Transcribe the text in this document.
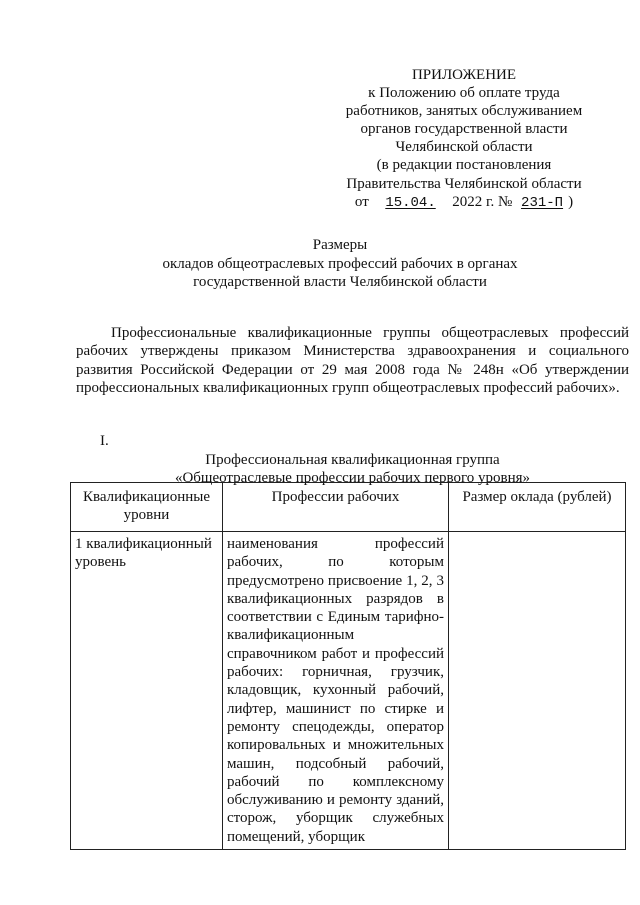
ПРИЛОЖЕНИЕ
к Положению об оплате труда
работников, занятых обслуживанием
органов государственной власти
Челябинской области
(в редакции постановления
Правительства Челябинской области
от 15.04. 2022 г. № 231-П )
Размеры
окладов общеотраслевых профессий рабочих в органах
государственной власти Челябинской области

Профессиональные квалификационные группы общеотраслевых профессий рабочих утверждены приказом Министерства здравоохранения и социального развития Российской Федерации от 29 мая 2008 года № 248н «Об утверждении профессиональных квалификационных групп общеотраслевых профессий рабочих».

I.
Профессиональная квалификационная группа
«Общеотраслевые профессии рабочих первого уровня»
Квалификационные уровни	Профессии рабочих	Размер оклада (рублей)
1 квалификационный уровень	наименования профессий рабочих, по которым предусмотрено присвоение 1, 2, 3 квалификационных разрядов в соответствии с Единым тарифно-квалификационным справочником работ и профессий рабочих: горничная, грузчик, кладовщик, кухонный рабочий, лифтер, машинист по стирке и ремонту спецодежды, оператор копировальных и множительных машин, подсобный рабочий, рабочий по комплексному обслуживанию и ремонту зданий, сторож, уборщик служебных помещений, уборщик	
